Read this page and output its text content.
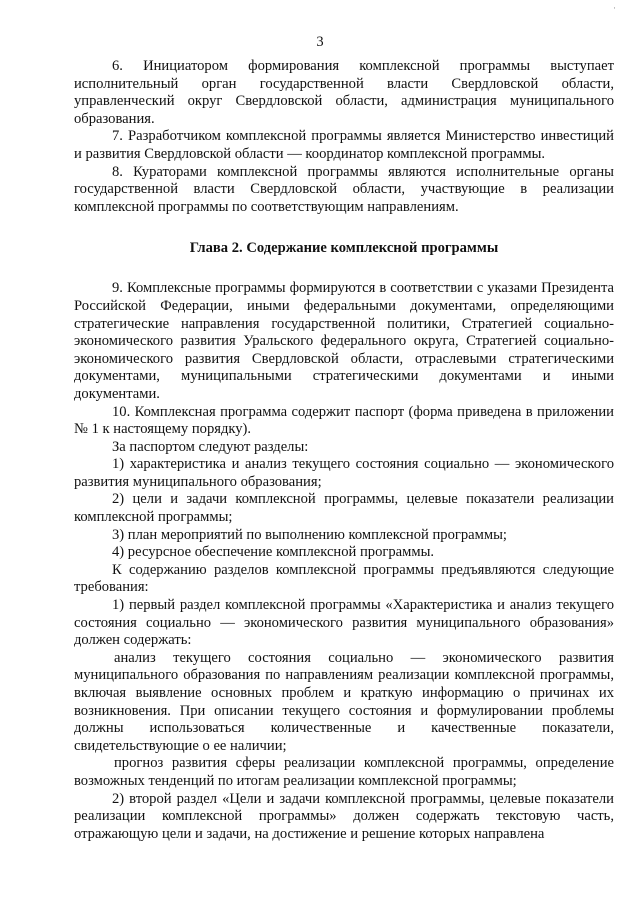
·
3

6. Инициатором формирования комплексной программы выступает исполнительный орган государственной власти Свердловской области, управленческий округ Свердловской области, администрация муниципального образования.

7. Разработчиком комплексной программы является Министерство инвестиций и развития Свердловской области — координатор комплексной программы.

8. Кураторами комплексной программы являются исполнительные органы государственной власти Свердловской области, участвующие в реализации комплексной программы по соответствующим направлениям.

Глава 2. Содержание комплексной программы

9. Комплексные программы формируются в соответствии с указами Президента Российской Федерации, иными федеральными документами, определяющими стратегические направления государственной политики, Стратегией социально-экономического развития Уральского федерального округа, Стратегией социально-экономического развития Свердловской области, отраслевыми стратегическими документами, муниципальными стратегическими документами и иными документами.

10. Комплексная программа содержит паспорт (форма приведена в приложении № 1 к настоящему порядку).

За паспортом следуют разделы:

1) характеристика и анализ текущего состояния социально — экономического развития муниципального образования;

2) цели и задачи комплексной программы, целевые показатели реализации комплексной программы;

3) план мероприятий по выполнению комплексной программы;

4) ресурсное обеспечение комплексной программы.

К содержанию разделов комплексной программы предъявляются следующие требования:

1) первый раздел комплексной программы «Характеристика и анализ текущего состояния социально — экономического развития муниципального образования» должен содержать:

анализ текущего состояния социально — экономического развития муниципального образования по направлениям реализации комплексной программы, включая выявление основных проблем и краткую информацию о причинах их возникновения. При описании текущего состояния и формулировании проблемы должны использоваться количественные и качественные показатели, свидетельствующие о ее наличии;

прогноз развития сферы реализации комплексной программы, определение возможных тенденций по итогам реализации комплексной программы;

2) второй раздел «Цели и задачи комплексной программы, целевые показатели реализации комплексной программы» должен содержать текстовую часть, отражающую цели и задачи, на достижение и решение которых направлена
